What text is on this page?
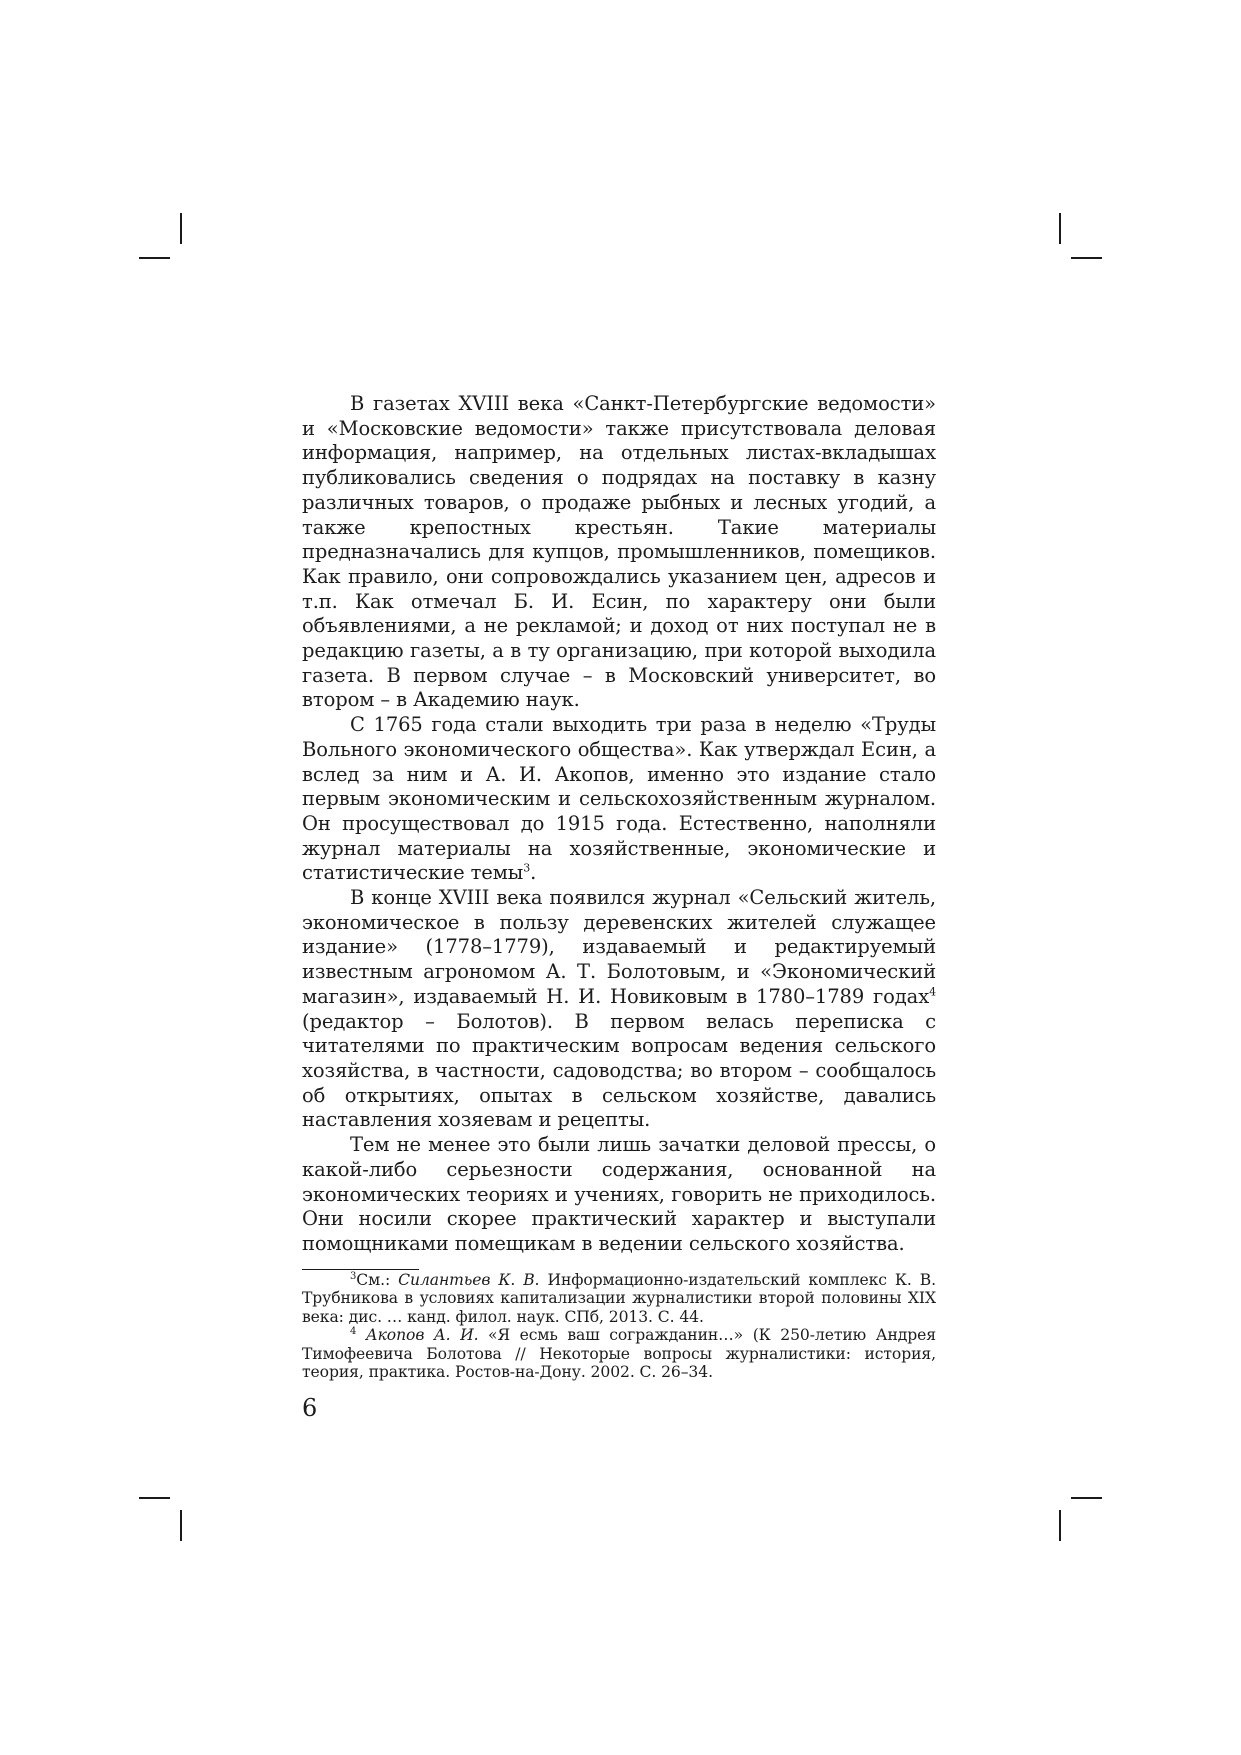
В газетах XVIII века «Санкт-Петербургские ведомости» и «Московские ведомости» также присутствовала деловая информация, например, на отдельных листах-вкладышах публиковались сведения о подрядах на поставку в казну различных товаров, о продаже рыбных и лесных угодий, а также крепостных крестьян. Такие материалы предназначались для купцов, промышленников, помещиков. Как правило, они сопровождались указанием цен, адресов и т.п. Как отмечал Б. И. Есин, по характеру они были объявлениями, а не рекламой; и доход от них поступал не в редакцию газеты, а в ту организацию, при которой выходила газета. В первом случае – в Московский университет, во втором – в Академию наук.

С 1765 года стали выходить три раза в неделю «Труды Вольного экономического общества». Как утверждал Есин, а вслед за ним и А. И. Акопов, именно это издание стало первым экономическим и сельскохозяйственным журналом. Он просуществовал до 1915 года. Естественно, наполняли журнал материалы на хозяйственные, экономические и статистические темы$^3$.

В конце XVIII века появился журнал «Сельский житель, экономическое в пользу деревенских жителей служащее издание» (1778–1779), издаваемый и редактируемый известным агрономом А. Т. Болотовым, и «Экономический магазин», издаваемый Н. И. Новиковым в 1780–1789 годах$^4$ (редактор – Болотов). В первом велась переписка с читателями по практическим вопросам ведения сельского хозяйства, в частности, садоводства; во втором – сообщалось об открытиях, опытах в сельском хозяйстве, давались наставления хозяевам и рецепты.

Тем не менее это были лишь зачатки деловой прессы, о какой-либо серьезности содержания, основанной на экономических теориях и учениях, говорить не приходилось. Они носили скорее практический характер и выступали помощниками помещикам в ведении сельского хозяйства.

$^3$См.: Силантьев К. В. Информационно-издательский комплекс К. В. Трубникова в условиях капитализации журналистики второй половины XIX века: дис. … канд. филол. наук. СПб, 2013. С. 44.

$^4$ Акопов А. И. «Я есмь ваш согражданин…» (К 250-летию Андрея Тимофеевича Болотова // Некоторые вопросы журналистики: история, теория, практика. Ростов-на-Дону. 2002. С. 26–34.

6
